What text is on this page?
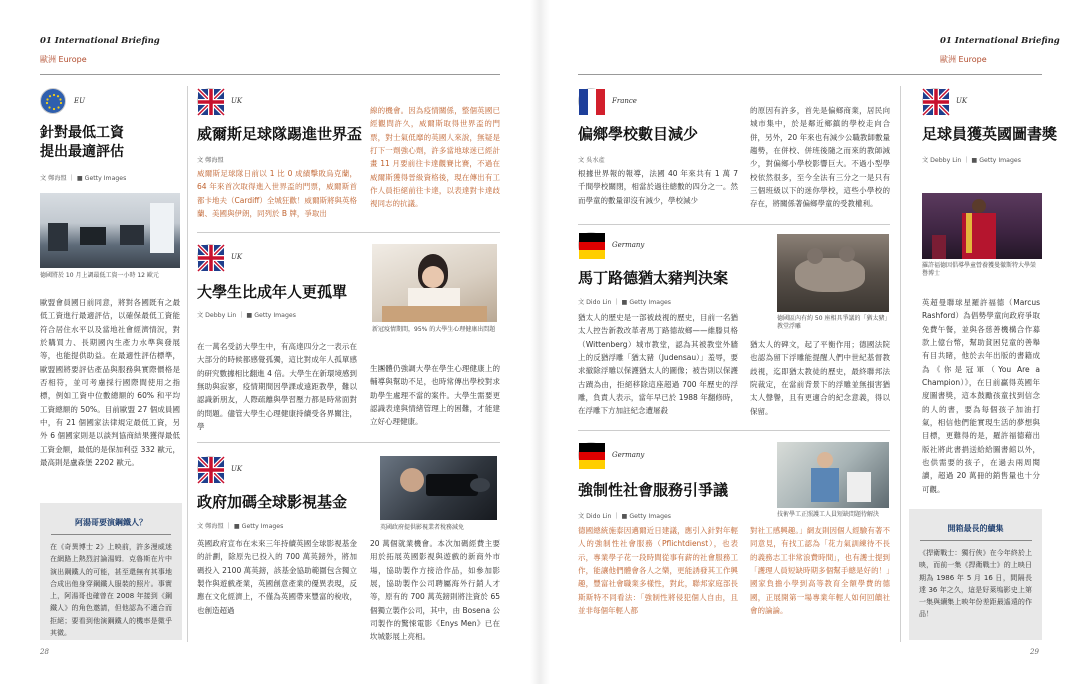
01 International Briefing
歐洲 Europe
01 International Briefing
歐洲 Europe
EU
針對最低工資
提出最適評估
文 鄭海盟 ｜ ■ Getty Images
德國將於 10 月上調最低工資一小時 12 歐元
歐盟會員國日前同意，將對各國既有之最低工資進行最適評估，以確保最低工資能符合居住水平以及當地社會經濟情況，對於購買力、長期國內生產力水準與發展等，也能提供助益。在最適性評估標準，歐盟國將要評估產品與服務與實際價格是否相符，並可考慮採行國際間使用之指標，例如工資中位數總額的 60% 和平均工資總額的 50%。目前歐盟 27 個成員國中，有 21 個國家法律規定最低工資，另外 6 個國家則是以談判協商結果獲得最低工資金額，最低的是保加利亞 332 歐元，最高則是盧森堡 2202 歐元。
阿湯哥要演鋼鐵人？
在《奇異博士 2》上映前，許多漫威迷在網路上熱烈討論湯姆．克魯斯在片中演出鋼鐵人的可能，甚至還無有其事地合成出他身穿鋼鐵人服裝的照片。事實上，阿湯哥也確曾在 2008 年接到《鋼鐵人》的角色邀請，但他認為不適合而拒絕；要看到他演鋼鐵人的機率是微乎其微。
UK
威爾斯足球隊踢進世界盃
文 鄭海盟
威爾斯足球隊日前以 1 比 0 成績擊敗烏克蘭，64 年來首次取得進入世界盃的門票，威爾斯首都卡地夫（Cardiff）全城狂歡！威爾斯將與英格蘭、美國與伊朗，同列於 B 牌，爭取出
線的機會。因為疫情關係，整個英國已經觀問許久，威爾斯取得世界盃的門票，對士氣低靡的英國人來說，無疑是打下一劑強心劑，許多當地球迷已經計畫 11 月要前往卡達觀賽比賽，不過在威爾斯獲得晉級資格後，現在傳出有工作人員拒絕前往卡達，以表達對卡達歧視同志的抗議。
UK
大學生比成年人更孤單
文 Debby Lin ｜ ■ Getty Images
新冠疫情期間，95% 的大學生心理健康出問題
在一萬名受訪大學生中，有高達四分之一表示在大部分的時候都感覺孤獨，這比對成年人孤單感的研究數據相比翻進 4 倍。大學生在新環境感到無助與寂寥，疫情期間因學課或遠距教學，難以認識新朋友，人際疏離與學習壓力都是時常面對的問題。儘管大學生心理健康持續受各界關注，學
生團體仍強調大學在學生心理健康上的輔導與幫助不足，也時常傳出學校對求助學生處理不當的案件。大學生需要更認識表達與情緒管理上的困難，才能建立好心理健康。
UK
政府加碼全球影視基金
文 鄭海盟 ｜ ■ Getty Images	英國政府提供影視業者稅務減免
英國政府宣布在未來三年持續英國全球影視基金的計劃，除原先已投入的 700 萬英鎊外，將加碼投入 2100 萬英鎊，該基金協助範圍包含獨立製作與遊戲產業，英國創意產業的優異表現，反應在文化經濟上，不僅為英國帶來豐富的稅收，也創造超過
20 萬個就業機會。本次加碼經費主要用於拓展英國影視與遊戲的新商外市場，協助製作方接洽作品，如參加影展，協助製作公司聘屬海外行銷人才等，原有的 700 萬英鎊則將注資於 65 個獨立製作公司，其中，由 Bosena 公司製作的驚悚電影《Enys Men》已在坎城影展上亮相。
28
France
偏鄉學校數目減少
文 吳水產
根據世界報的報導，法國 40 年來共有 1 萬 7 千間學校關閉，相當於過往總數的四分之一。然而學童的數量卻沒有減少，學校減少
的原因有許多，首先是偏鄉商業，居民向城市集中，於是鄰近鄉鎮的學校走向合併，另外，20 年來也有減少公職教師數量趨勢，在併校、併班後隨之而來的教師減少，對偏鄉小學校影響巨大。不過小型學校依然很多，至今全法有三分之一是只有三個班級以下的迷你學校，這些小學校的存在，將關係著偏鄉學童的受教權利。
Germany
馬丁路德猶太豬判決案
文 Dido Lin ｜ ■ Getty Images
德國區內有約 50 座相具爭議的「猶太豬」教堂浮雕
猶太人的歷史是一部被歧視的歷史，目前一名猶太人控告新教改革者馬丁路德故鄉——維滕貝格（Wittenberg）城市教堂，認為其被教堂外牆上的反猶浮雕「猶太豬（Judensau）」羞辱，要求撤除浮雕以保護猶太人的圖像；被告則以保護古蹟為由，拒絕移除這座超過 700 年歷史的浮雕，負責人表示，當年早已於 1988 年翻修時，在浮雕下方加註紀念遭屠殺
猶太人的碑文，起了平衡作用；德國法院也認為留下浮雕能提醒人們中世紀基督教歧視，迄即猶太教徒的歷史，最終聯邦法院裁定，在當前背景下的浮雕並無損害猶太人聲譽，且有更適合的紀念意義，得以保留。
Germany
強制性社會服務引爭議
文 Dido Lin ｜ ■ Getty Images	技術學工正照護工人員短缺問題待解決
德國總統施泰因邁爾近日建議，應引入針對年輕人的強制性社會服務（Pflichtdienst），也表示，專業學子花一段時間從事有薪的社會服務工作，能讓他們體會各人之樂，更能誘發其工作興趣，豐富社會職業多樣性，對此，聯邦家庭部長斯斯特不同看法：「強制性將侵犯個人自由，且並非每個年輕人都
對社工感興趣。」網友則因個人經驗有著不同意見，有找工認為「花力氣訓練待不長的義務志工非常浪費時間」，也有護士提到「護理人員短缺時期多個幫手總是好的！」國家負擔小學到高等教育全額學費的德國，正展開第一場專業年輕人如何回饋社會的論論。
UK
足球員獲英國圖書獎
文 Debby Lin ｜ ■ Getty Images
羅許福德因倡導學童營養獲曼徹斯特大學榮譽博士
英超曼聯球星羅許福德（Marcus Rashford）為倡勢學童向政府爭取免費午餐，並與各慈善機構合作募款上億台幣，幫助貧困兒童的善舉有目共睹，他於去年出版的書籍成為《你是冠軍（You Are a Champion）》，在日前贏得英國年度圖書獎，這本鼓勵孩童找到信念的人的書，要為每個孩子加油打氣，相信他們能實現生活的夢想與目標，更難得的是，羅許福德藉出版社將此書捐送給給圖書館以外，也供需要的孩子，在過去兩周閱讀，超過 20 萬冊的銷售量也十分可觀。
開箱最長的續集
《捍衛戰士：獨行俠》在今年終於上映，而前一集《捍衛戰士》的上映日期為 1986 年 5 月 16 日，間隔長達 36 年之久，這是好萊塢影史上第一集與續集上映年份差距最遙遠的作品！
29
